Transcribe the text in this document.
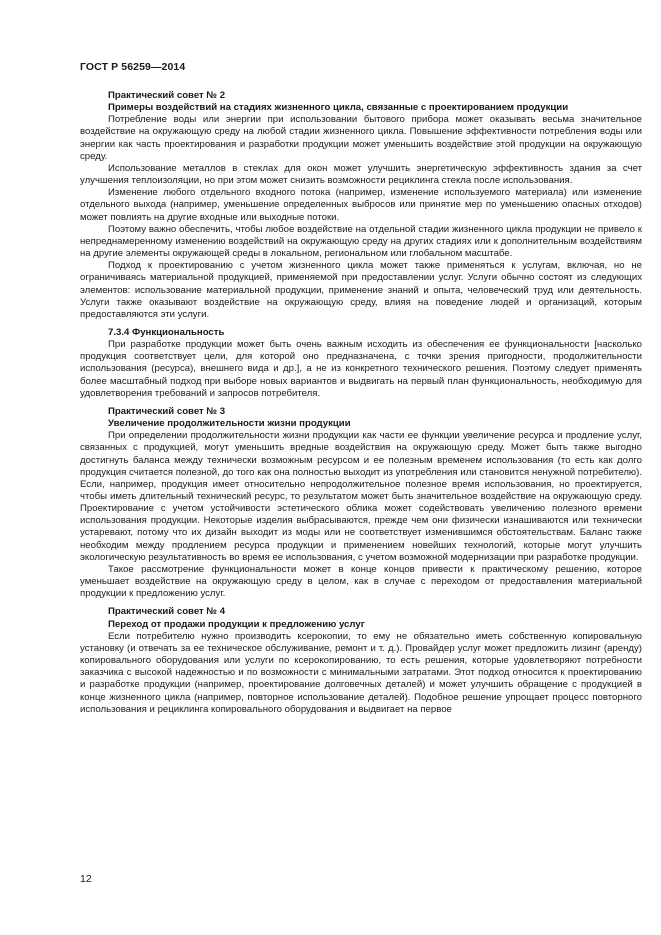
ГОСТ Р 56259—2014
Практический совет № 2
Примеры воздействий на стадиях жизненного цикла, связанные с проектированием продукции
Потребление воды или энергии при использовании бытового прибора может оказывать весьма значительное воздействие на окружающую среду на любой стадии жизненного цикла. Повышение эффективности потребления воды или энергии как часть проектирования и разработки продукции может уменьшить воздействие этой продукции на окружающую среду.
Использование металлов в стеклах для окон может улучшить энергетическую эффективность здания за счет улучшения теплоизоляции, но при этом может снизить возможности рециклинга стекла после использования.
Изменение любого отдельного входного потока (например, изменение используемого материала) или изменение отдельного выхода (например, уменьшение определенных выбросов или принятие мер по уменьшению опасных отходов) может повлиять на другие входные или выходные потоки.
Поэтому важно обеспечить, чтобы любое воздействие на отдельной стадии жизненного цикла продукции не привело к непреднамеренному изменению воздействий на окружающую среду на других стадиях или к дополнительным воздействиям на другие элементы окружающей среды в локальном, региональном или глобальном масштабе.
Подход к проектированию с учетом жизненного цикла может также применяться к услугам, включая, но не ограничиваясь материальной продукцией, применяемой при предоставлении услуг. Услуги обычно состоят из следующих элементов: использование материальной продукции, применение знаний и опыта, человеческий труд или деятельность. Услуги также оказывают воздействие на окружающую среду, влияя на поведение людей и организаций, которым предоставляются эти услуги.
7.3.4 Функциональность
При разработке продукции может быть очень важным исходить из обеспечения ее функциональности [насколько продукция соответствует цели, для которой оно предназначена, с точки зрения пригодности, продолжительности использования (ресурса), внешнего вида и др.], а не из конкретного технического решения. Поэтому следует применять более масштабный подход при выборе новых вариантов и выдвигать на первый план функциональность, необходимую для удовлетворения требований и запросов потребителя.
Практический совет № 3
Увеличение продолжительности жизни продукции
При определении продолжительности жизни продукции как части ее функции увеличение ресурса и продление услуг, связанных с продукцией, могут уменьшить вредные воздействия на окружающую среду. Может быть также выгодно достигнуть баланса между технически возможным ресурсом и ее полезным временем использования (то есть как долго продукция считается полезной, до того как она полностью выходит из употребления или становится ненужной потребителю). Если, например, продукция имеет относительно непродолжительное полезное время использования, но проектируется, чтобы иметь длительный технический ресурс, то результатом может быть значительное воздействие на окружающую среду. Проектирование с учетом устойчивости эстетического облика может содействовать увеличению полезного времени использования продукции. Некоторые изделия выбрасываются, прежде чем они физически изнашиваются или технически устаревают, потому что их дизайн выходит из моды или не соответствует изменившимся обстоятельствам. Баланс также необходим между продлением ресурса продукции и применением новейших технологий, которые могут улучшить экологическую результативность во время ее использования, с учетом возможной модернизации при разработке продукции.
Такое рассмотрение функциональности может в конце концов привести к практическому решению, которое уменьшает воздействие на окружающую среду в целом, как в случае с переходом от предоставления материальной продукции к предложению услуг.
Практический совет № 4
Переход от продажи продукции к предложению услуг
Если потребителю нужно производить ксерокопии, то ему не обязательно иметь собственную копировальную установку (и отвечать за ее техническое обслуживание, ремонт и т. д.). Провайдер услуг может предложить лизинг (аренду) копировального оборудования или услуги по ксерокопированию, то есть решения, которые удовлетворяют потребности заказчика с высокой надежностью и по возможности с минимальными затратами. Этот подход относится к проектированию и разработке продукции (например, проектирование долговечных деталей) и может улучшить обращение с продукцией в конце жизненного цикла (например, повторное использование деталей). Подобное решение упрощает процесс повторного использования и рециклинга копировального оборудования и выдвигает на первое
12
